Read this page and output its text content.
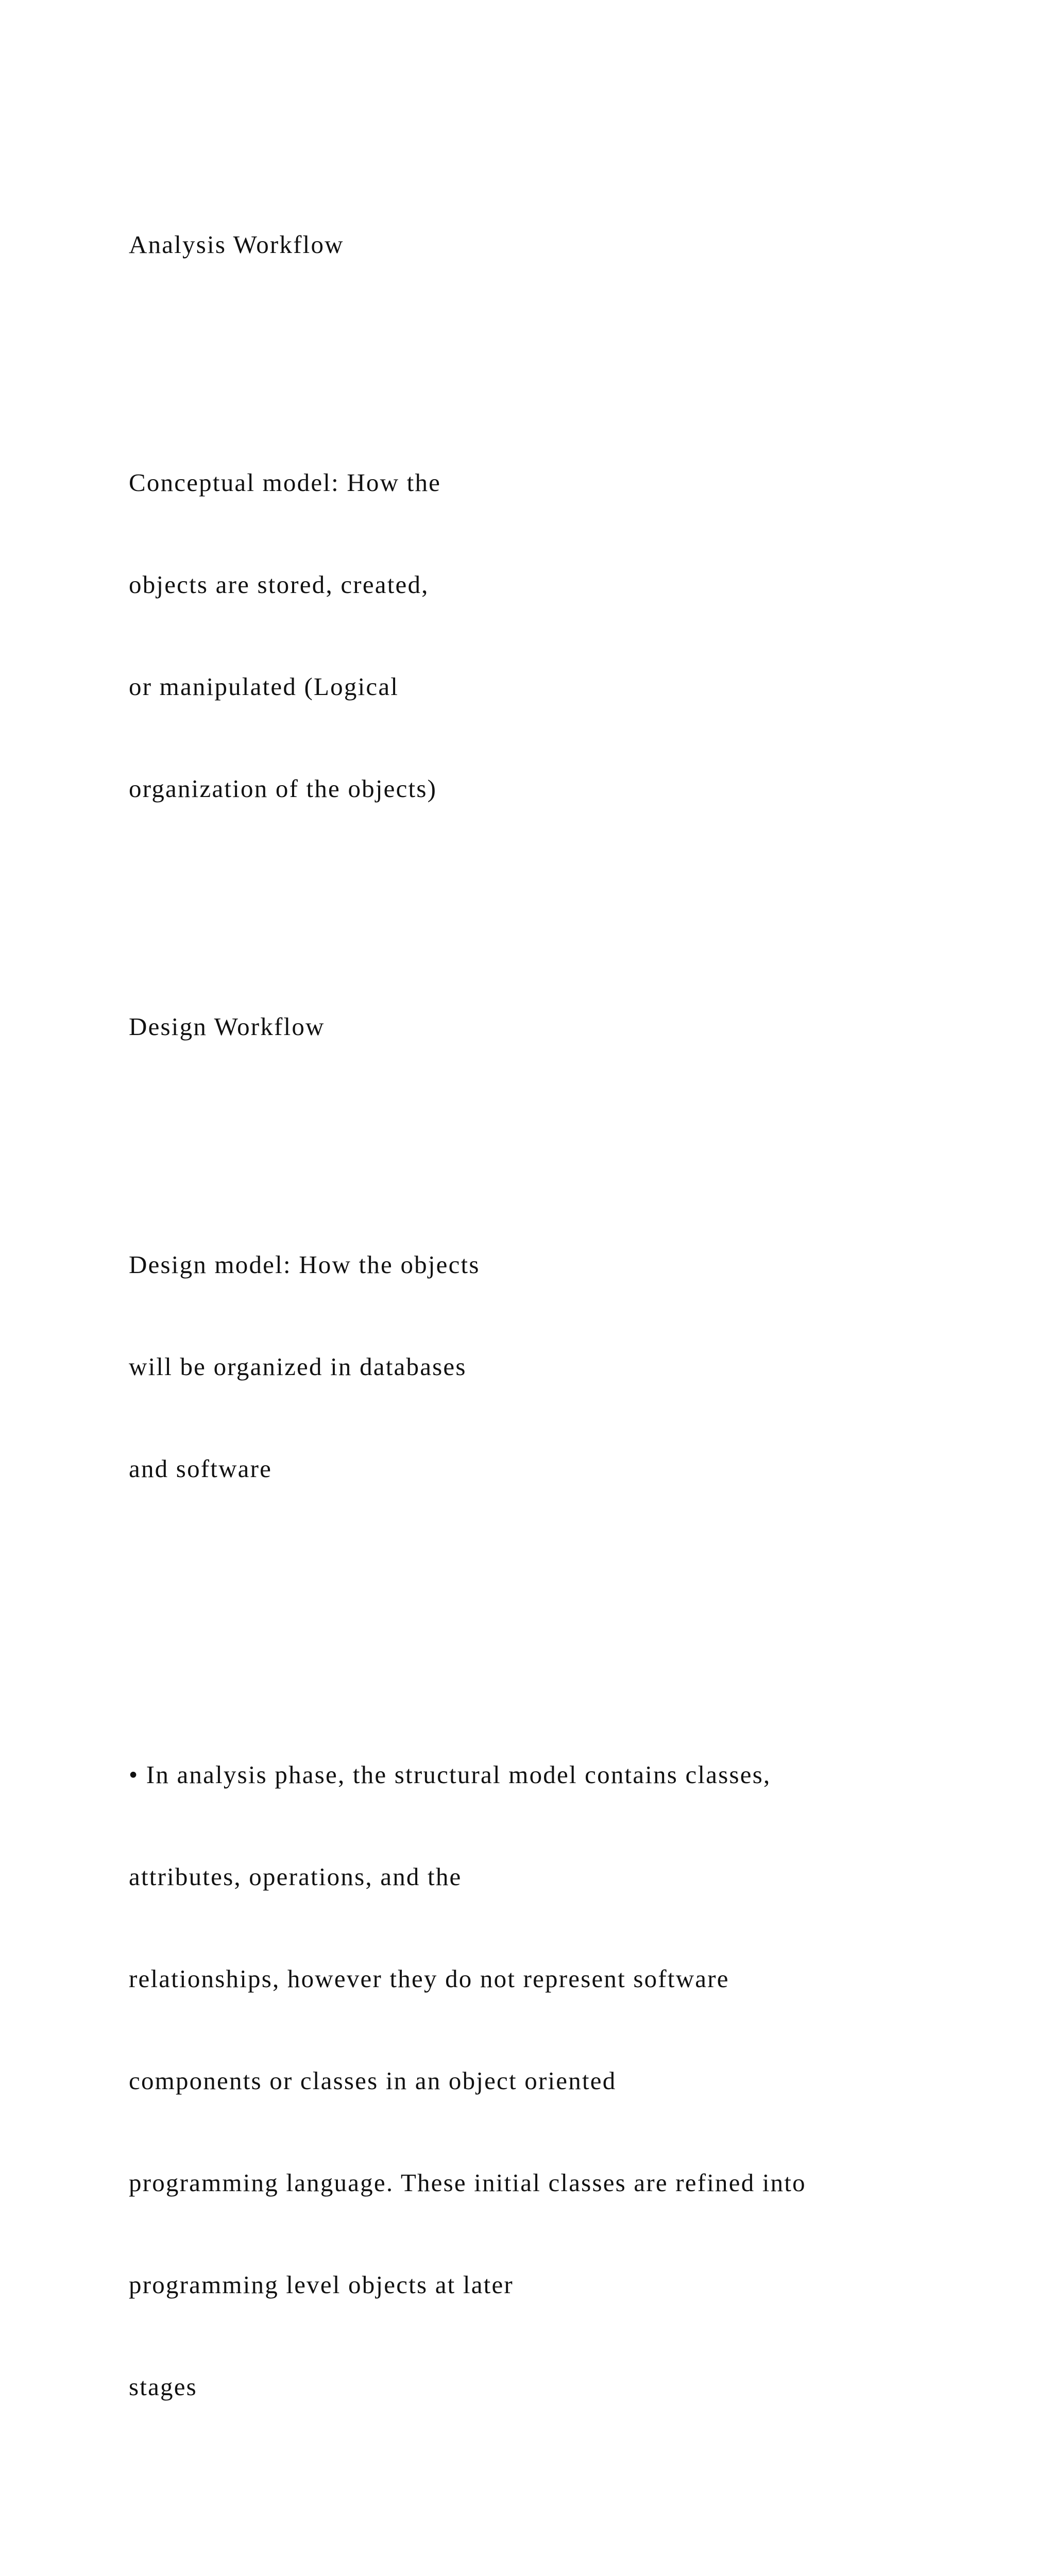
Analysis Workflow

Conceptual model: How the

objects are stored, created,

or manipulated (Logical

organization of the objects)

Design Workflow

Design model: How the objects

will be organized in databases

and software

• In analysis phase, the structural model contains classes,

attributes, operations, and the

relationships, however they do not represent software

components or classes in an object oriented

programming language. These initial classes are refined into

programming level objects at later

stages
